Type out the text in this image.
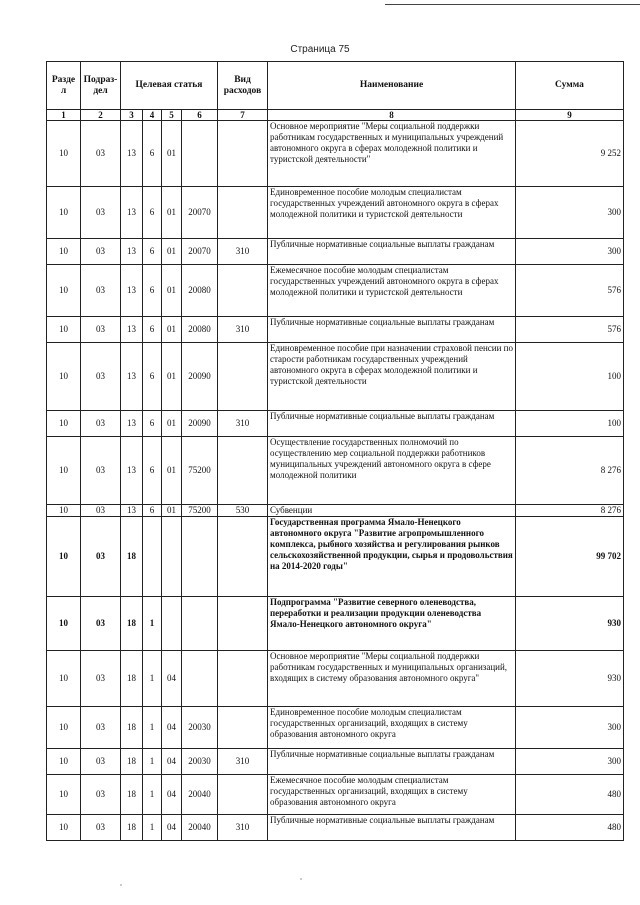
Страница 75
Разде л	Подраз- дел	Целевая статья				Вид расходов	Наименование	Сумма
1	2	3	4	5	6	7	8	9
10	03	13	6	01			Основное мероприятие "Меры социальной поддержки работникам государственных и муниципальных учреждений автономного округа в сферах молодежной политики и туристской деятельности"	9 252
10	03	13	6	01	20070		Единовременное пособие молодым специалистам государственных учреждений автономного округа в сферах молодежной политики и туристской деятельности	300
10	03	13	6	01	20070	310	Публичные нормативные социальные выплаты гражданам	300
10	03	13	6	01	20080		Ежемесячное пособие молодым специалистам государственных учреждений автономного округа в сферах молодежной политики и туристской деятельности	576
10	03	13	6	01	20080	310	Публичные нормативные социальные выплаты гражданам	576
10	03	13	6	01	20090		Единовременное пособие при назначении страховой пенсии по старости работникам государственных учреждений автономного округа в сферах молодежной политики и туристской деятельности	100
10	03	13	6	01	20090	310	Публичные нормативные социальные выплаты гражданам	100
10	03	13	6	01	75200		Осуществление государственных полномочий по осуществлению мер социальной поддержки работников муниципальных учреждений автономного округа в сфере молодежной политики	8 276
10	03	13	6	01	75200	530	Субвенции	8 276
10	03	18					Государственная программа Ямало-Ненецкого автономного округа "Развитие агропромышленного комплекса, рыбного хозяйства и регулирования рынков сельскохозяйственной продукции, сырья и продовольствия на 2014-2020 годы"	99 702
10	03	18	1				Подпрограмма "Развитие северного оленеводства, переработки и реализации продукции оленеводства Ямало-Ненецкого автономного округа"	930
10	03	18	1	04			Основное мероприятие "Меры социальной поддержки работникам государственных и муниципальных организаций, входящих в систему образования автономного округа"	930
10	03	18	1	04	20030		Единовременное пособие молодым специалистам государственных организаций, входящих в систему образования автономного округа	300
10	03	18	1	04	20030	310	Публичные нормативные социальные выплаты гражданам	300
10	03	18	1	04	20040		Ежемесячное пособие молодым специалистам государственных организаций, входящих в систему образования автономного округа	480
10	03	18	1	04	20040	310	Публичные нормативные социальные выплаты гражданам	480
